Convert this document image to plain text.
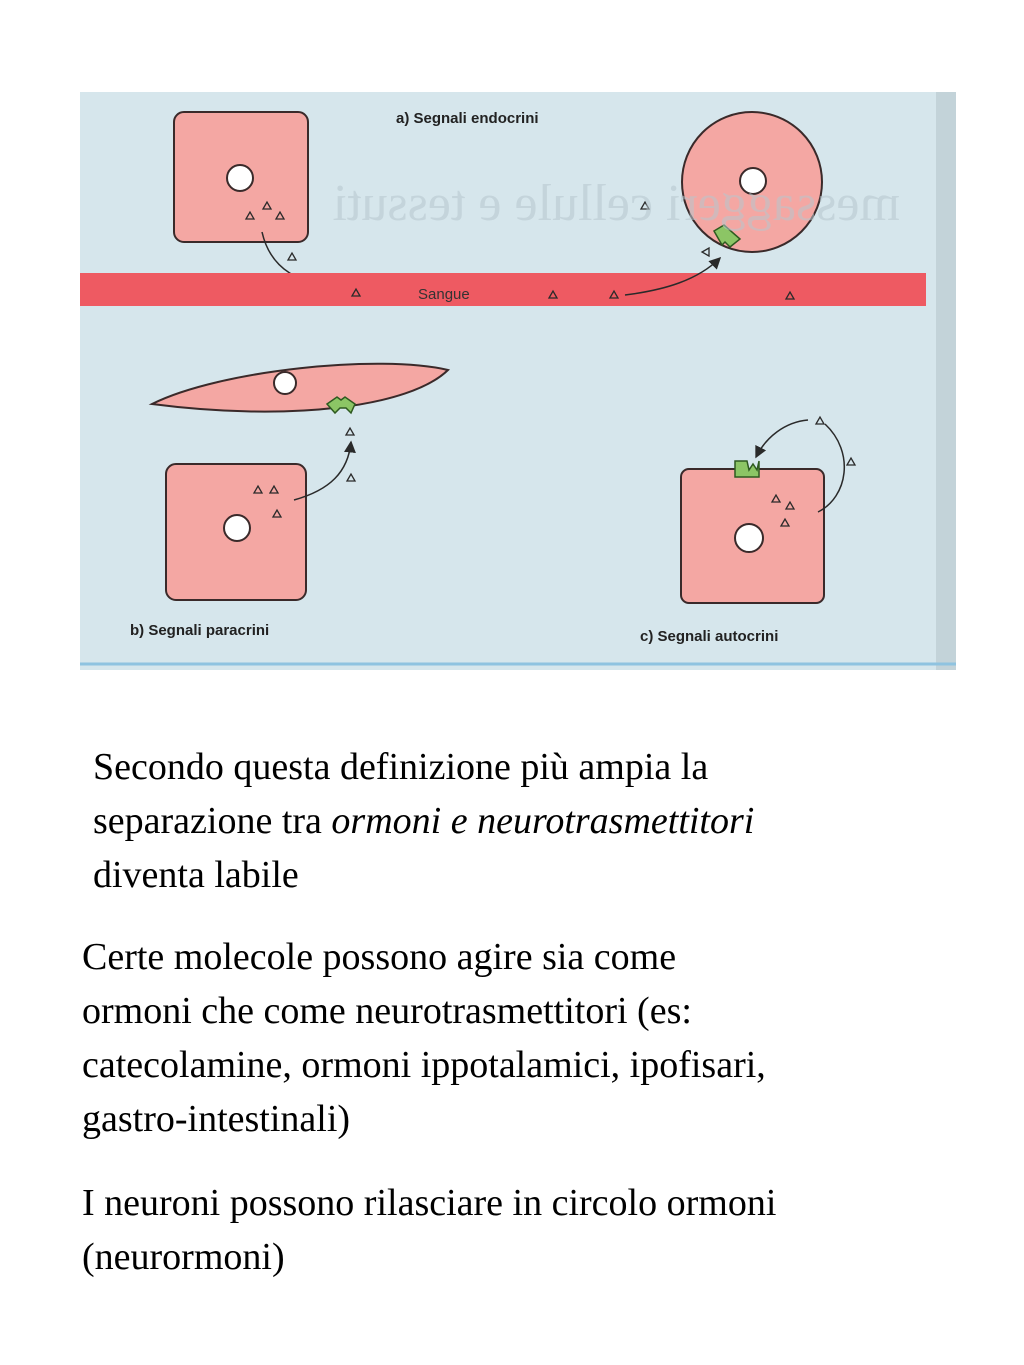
a) Segnali endocrini
Sangue
messaggeri cellule e tessuti
b) Segnali paracrini	c) Segnali autocrini

Secondo questa definizione più ampia la
separazione tra ormoni e neurotrasmettitori
diventa labile

Certe molecole possono agire sia come
ormoni che come neurotrasmettitori (es:
catecolamine, ormoni ippotalamici, ipofisari,
gastro-intestinali)

I neuroni possono rilasciare in circolo ormoni
(neurormoni)
